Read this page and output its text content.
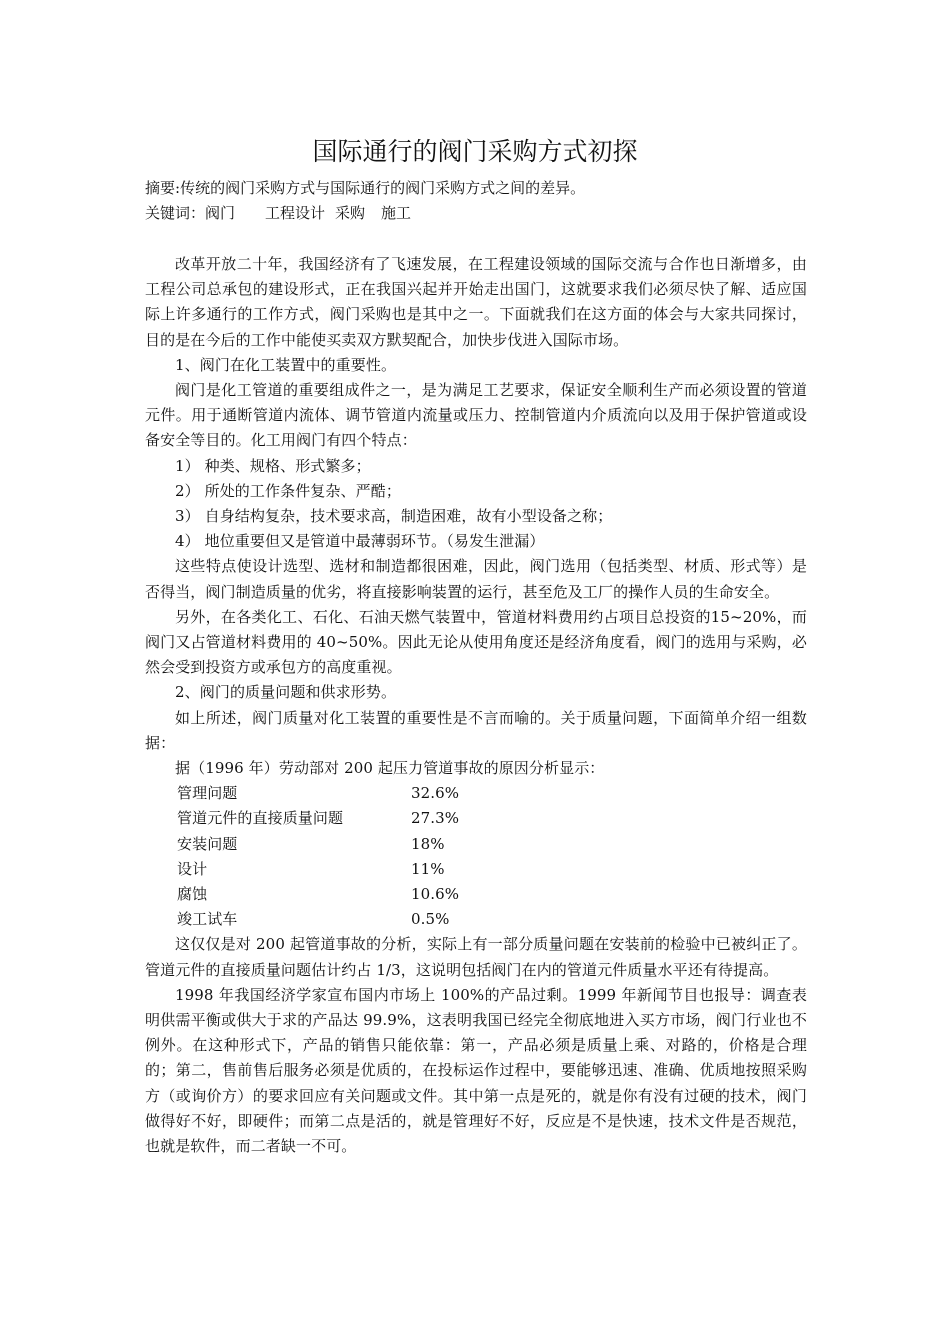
国际通行的阀门采购方式初探
摘要:传统的阀门采购方式与国际通行的阀门采购方式之间的差异。
关键词：阀门 工程设计 采购 施工

改革开放二十年，我国经济有了飞速发展，在工程建设领域的国际交流与合作也日渐增多，由工程公司总承包的建设形式，正在我国兴起并开始走出国门，这就要求我们必须尽快了解、适应国际上许多通行的工作方式，阀门采购也是其中之一。下面就我们在这方面的体会与大家共同探讨，目的是在今后的工作中能使买卖双方默契配合，加快步伐进入国际市场。

1、阀门在化工装置中的重要性。

阀门是化工管道的重要组成件之一，是为满足工艺要求，保证安全顺利生产而必须设置的管道元件。用于通断管道内流体、调节管道内流量或压力、控制管道内介质流向以及用于保护管道或设备安全等目的。化工用阀门有四个特点：

1） 种类、规格、形式繁多；

2） 所处的工作条件复杂、严酷；

3） 自身结构复杂，技术要求高，制造困难，故有小型设备之称；

4） 地位重要但又是管道中最薄弱环节。（易发生泄漏）

这些特点使设计选型、选材和制造都很困难，因此，阀门选用（包括类型、材质、形式等）是否得当，阀门制造质量的优劣，将直接影响装置的运行，甚至危及工厂的操作人员的生命安全。

另外，在各类化工、石化、石油天燃气装置中，管道材料费用约占项目总投资的15~20%，而阀门又占管道材料费用的 40~50%。因此无论从使用角度还是经济角度看，阀门的选用与采购，必然会受到投资方或承包方的高度重视。

2、阀门的质量问题和供求形势。

如上所述，阀门质量对化工装置的重要性是不言而喻的。关于质量问题，下面简单介绍一组数据：

据（1996 年）劳动部对 200 起压力管道事故的原因分析显示：

管理问题	32.6%
管道元件的直接质量问题	27.3%
安装问题	18%
设计	11%
腐蚀	10.6%
竣工试车	0.5%

这仅仅是对 200 起管道事故的分析，实际上有一部分质量问题在安装前的检验中已被纠正了。管道元件的直接质量问题估计约占 1/3，这说明包括阀门在内的管道元件质量水平还有待提高。

1998 年我国经济学家宣布国内市场上 100%的产品过剩。1999 年新闻节目也报导：调查表明供需平衡或供大于求的产品达 99.9%，这表明我国已经完全彻底地进入买方市场，阀门行业也不例外。在这种形式下，产品的销售只能依靠：第一，产品必须是质量上乘、对路的，价格是合理的；第二，售前售后服务必须是优质的，在投标运作过程中，要能够迅速、准确、优质地按照采购方（或询价方）的要求回应有关问题或文件。其中第一点是死的，就是你有没有过硬的技术，阀门做得好不好，即硬件；而第二点是活的，就是管理好不好，反应是不是快速，技术文件是否规范，也就是软件，而二者缺一不可。
